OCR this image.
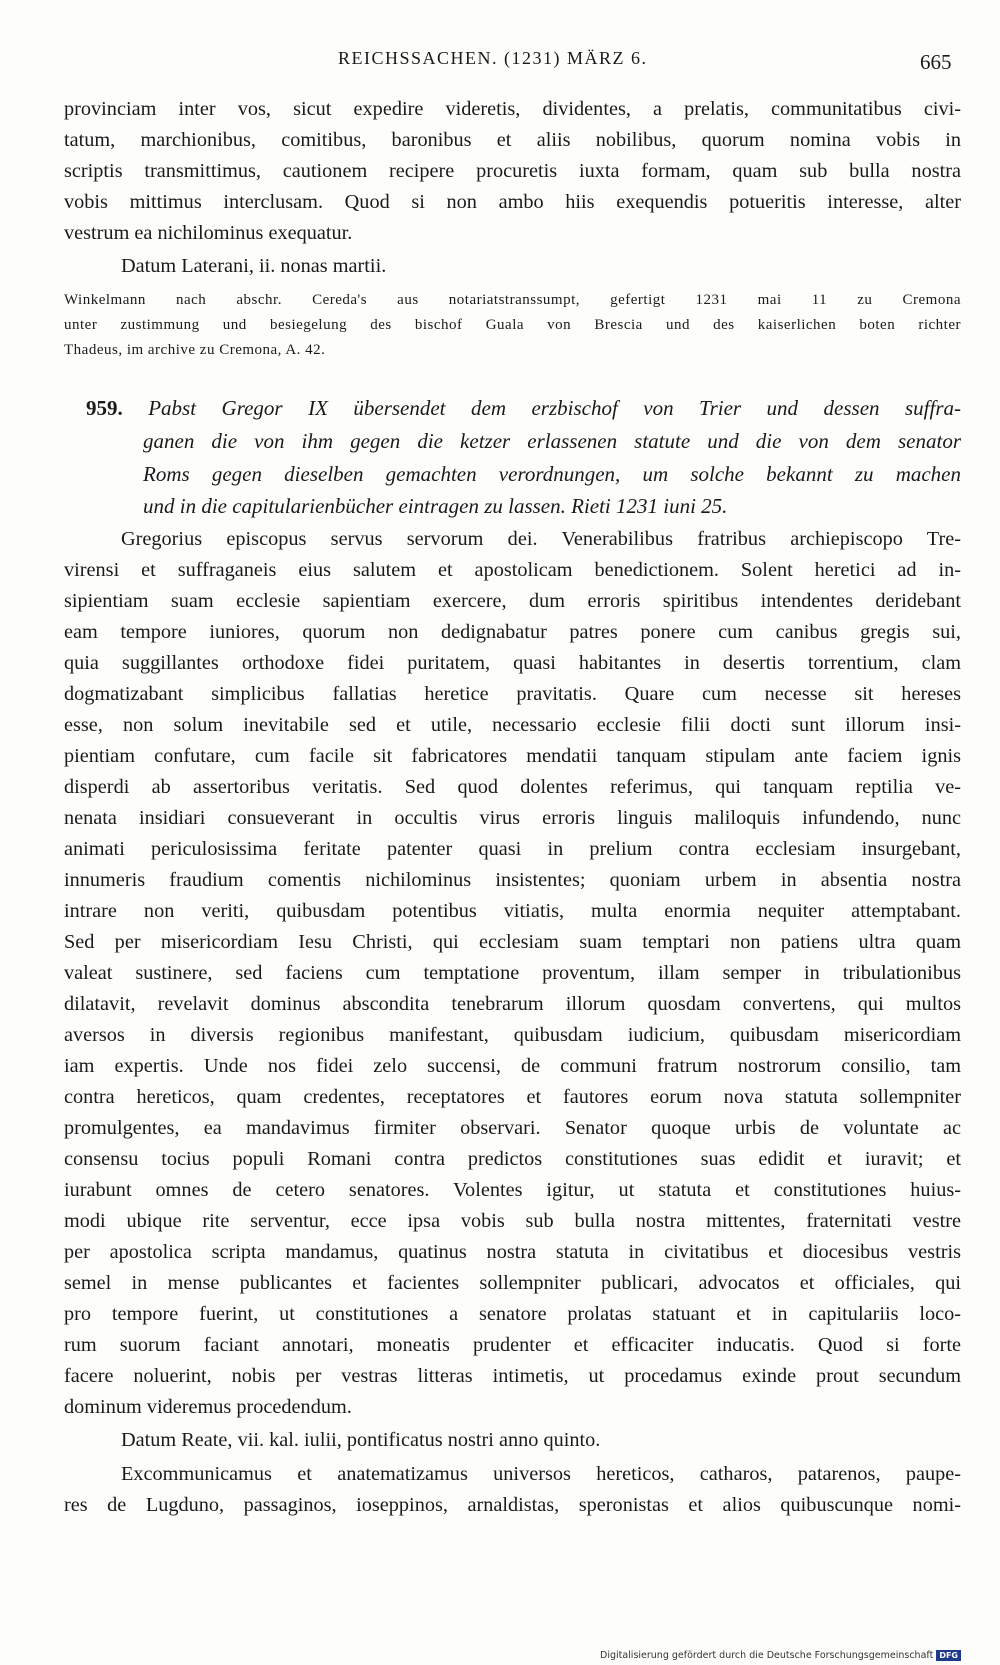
REICHSSACHEN. (1231) MÄRZ 6.	665
provinciam inter vos, sicut expedire videretis, dividentes, a prelatis, communitatibus civi-
tatum, marchionibus, comitibus, baronibus et aliis nobilibus, quorum nomina vobis in
scriptis transmittimus, cautionem recipere procuretis iuxta formam, quam sub bulla nostra
vobis mittimus interclusam. Quod si non ambo hiis exequendis potueritis interesse, alter
vestrum ea nichilominus exequatur.
Datum Laterani, ii. nonas martii.
Winkelmann nach abschr. Cereda's aus notariatstranssumpt, gefertigt 1231 mai 11 zu Cremona
unter zustimmung und besiegelung des bischof Guala von Brescia und des kaiserlichen boten richter
Thadeus, im archive zu Cremona, A. 42.
959. Pabst Gregor IX übersendet dem erzbischof von Trier und dessen suffra-
ganen die von ihm gegen die ketzer erlassenen statute und die von dem senator
Roms gegen dieselben gemachten verordnungen, um solche bekannt zu machen
und in die capitularienbücher eintragen zu lassen. Rieti 1231 iuni 25.
Gregorius episcopus servus servorum dei. Venerabilibus fratribus archiepiscopo Tre-
virensi et suffraganeis eius salutem et apostolicam benedictionem. Solent heretici ad in-
sipientiam suam ecclesie sapientiam exercere, dum erroris spiritibus intendentes deridebant
eam tempore iuniores, quorum non dedignabatur patres ponere cum canibus gregis sui,
quia suggillantes orthodoxe fidei puritatem, quasi habitantes in desertis torrentium, clam
dogmatizabant simplicibus fallatias heretice pravitatis. Quare cum necesse sit hereses
esse, non solum inevitabile sed et utile, necessario ecclesie filii docti sunt illorum insi-
pientiam confutare, cum facile sit fabricatores mendatii tanquam stipulam ante faciem ignis
disperdi ab assertoribus veritatis. Sed quod dolentes referimus, qui tanquam reptilia ve-
nenata insidiari consueverant in occultis virus erroris linguis maliloquis infundendo, nunc
animati periculosissima feritate patenter quasi in prelium contra ecclesiam insurgebant,
innumeris fraudium comentis nichilominus insistentes; quoniam urbem in absentia nostra
intrare non veriti, quibusdam potentibus vitiatis, multa enormia nequiter attemptabant.
Sed per misericordiam Iesu Christi, qui ecclesiam suam temptari non patiens ultra quam
valeat sustinere, sed faciens cum temptatione proventum, illam semper in tribulationibus
dilatavit, revelavit dominus abscondita tenebrarum illorum quosdam convertens, qui multos
aversos in diversis regionibus manifestant, quibusdam iudicium, quibusdam misericordiam
iam expertis. Unde nos fidei zelo succensi, de communi fratrum nostrorum consilio, tam
contra hereticos, quam credentes, receptatores et fautores eorum nova statuta sollempniter
promulgentes, ea mandavimus firmiter observari. Senator quoque urbis de voluntate ac
consensu tocius populi Romani contra predictos constitutiones suas edidit et iuravit; et
iurabunt omnes de cetero senatores. Volentes igitur, ut statuta et constitutiones huius-
modi ubique rite serventur, ecce ipsa vobis sub bulla nostra mittentes, fraternitati vestre
per apostolica scripta mandamus, quatinus nostra statuta in civitatibus et diocesibus vestris
semel in mense publicantes et facientes sollempniter publicari, advocatos et officiales, qui
pro tempore fuerint, ut constitutiones a senatore prolatas statuant et in capitulariis loco-
rum suorum faciant annotari, moneatis prudenter et efficaciter inducatis. Quod si forte
facere noluerint, nobis per vestras litteras intimetis, ut procedamus exinde prout secundum
dominum videremus procedendum.
Datum Reate, vii. kal. iulii, pontificatus nostri anno quinto.
Excommunicamus et anatematizamus universos hereticos, catharos, patarenos, paupe-
res de Lugduno, passaginos, ioseppinos, arnaldistas, speronistas et alios quibuscunque nomi-
Digitalisierung gefördert durch die Deutsche Forschungsgemeinschaft DFG
